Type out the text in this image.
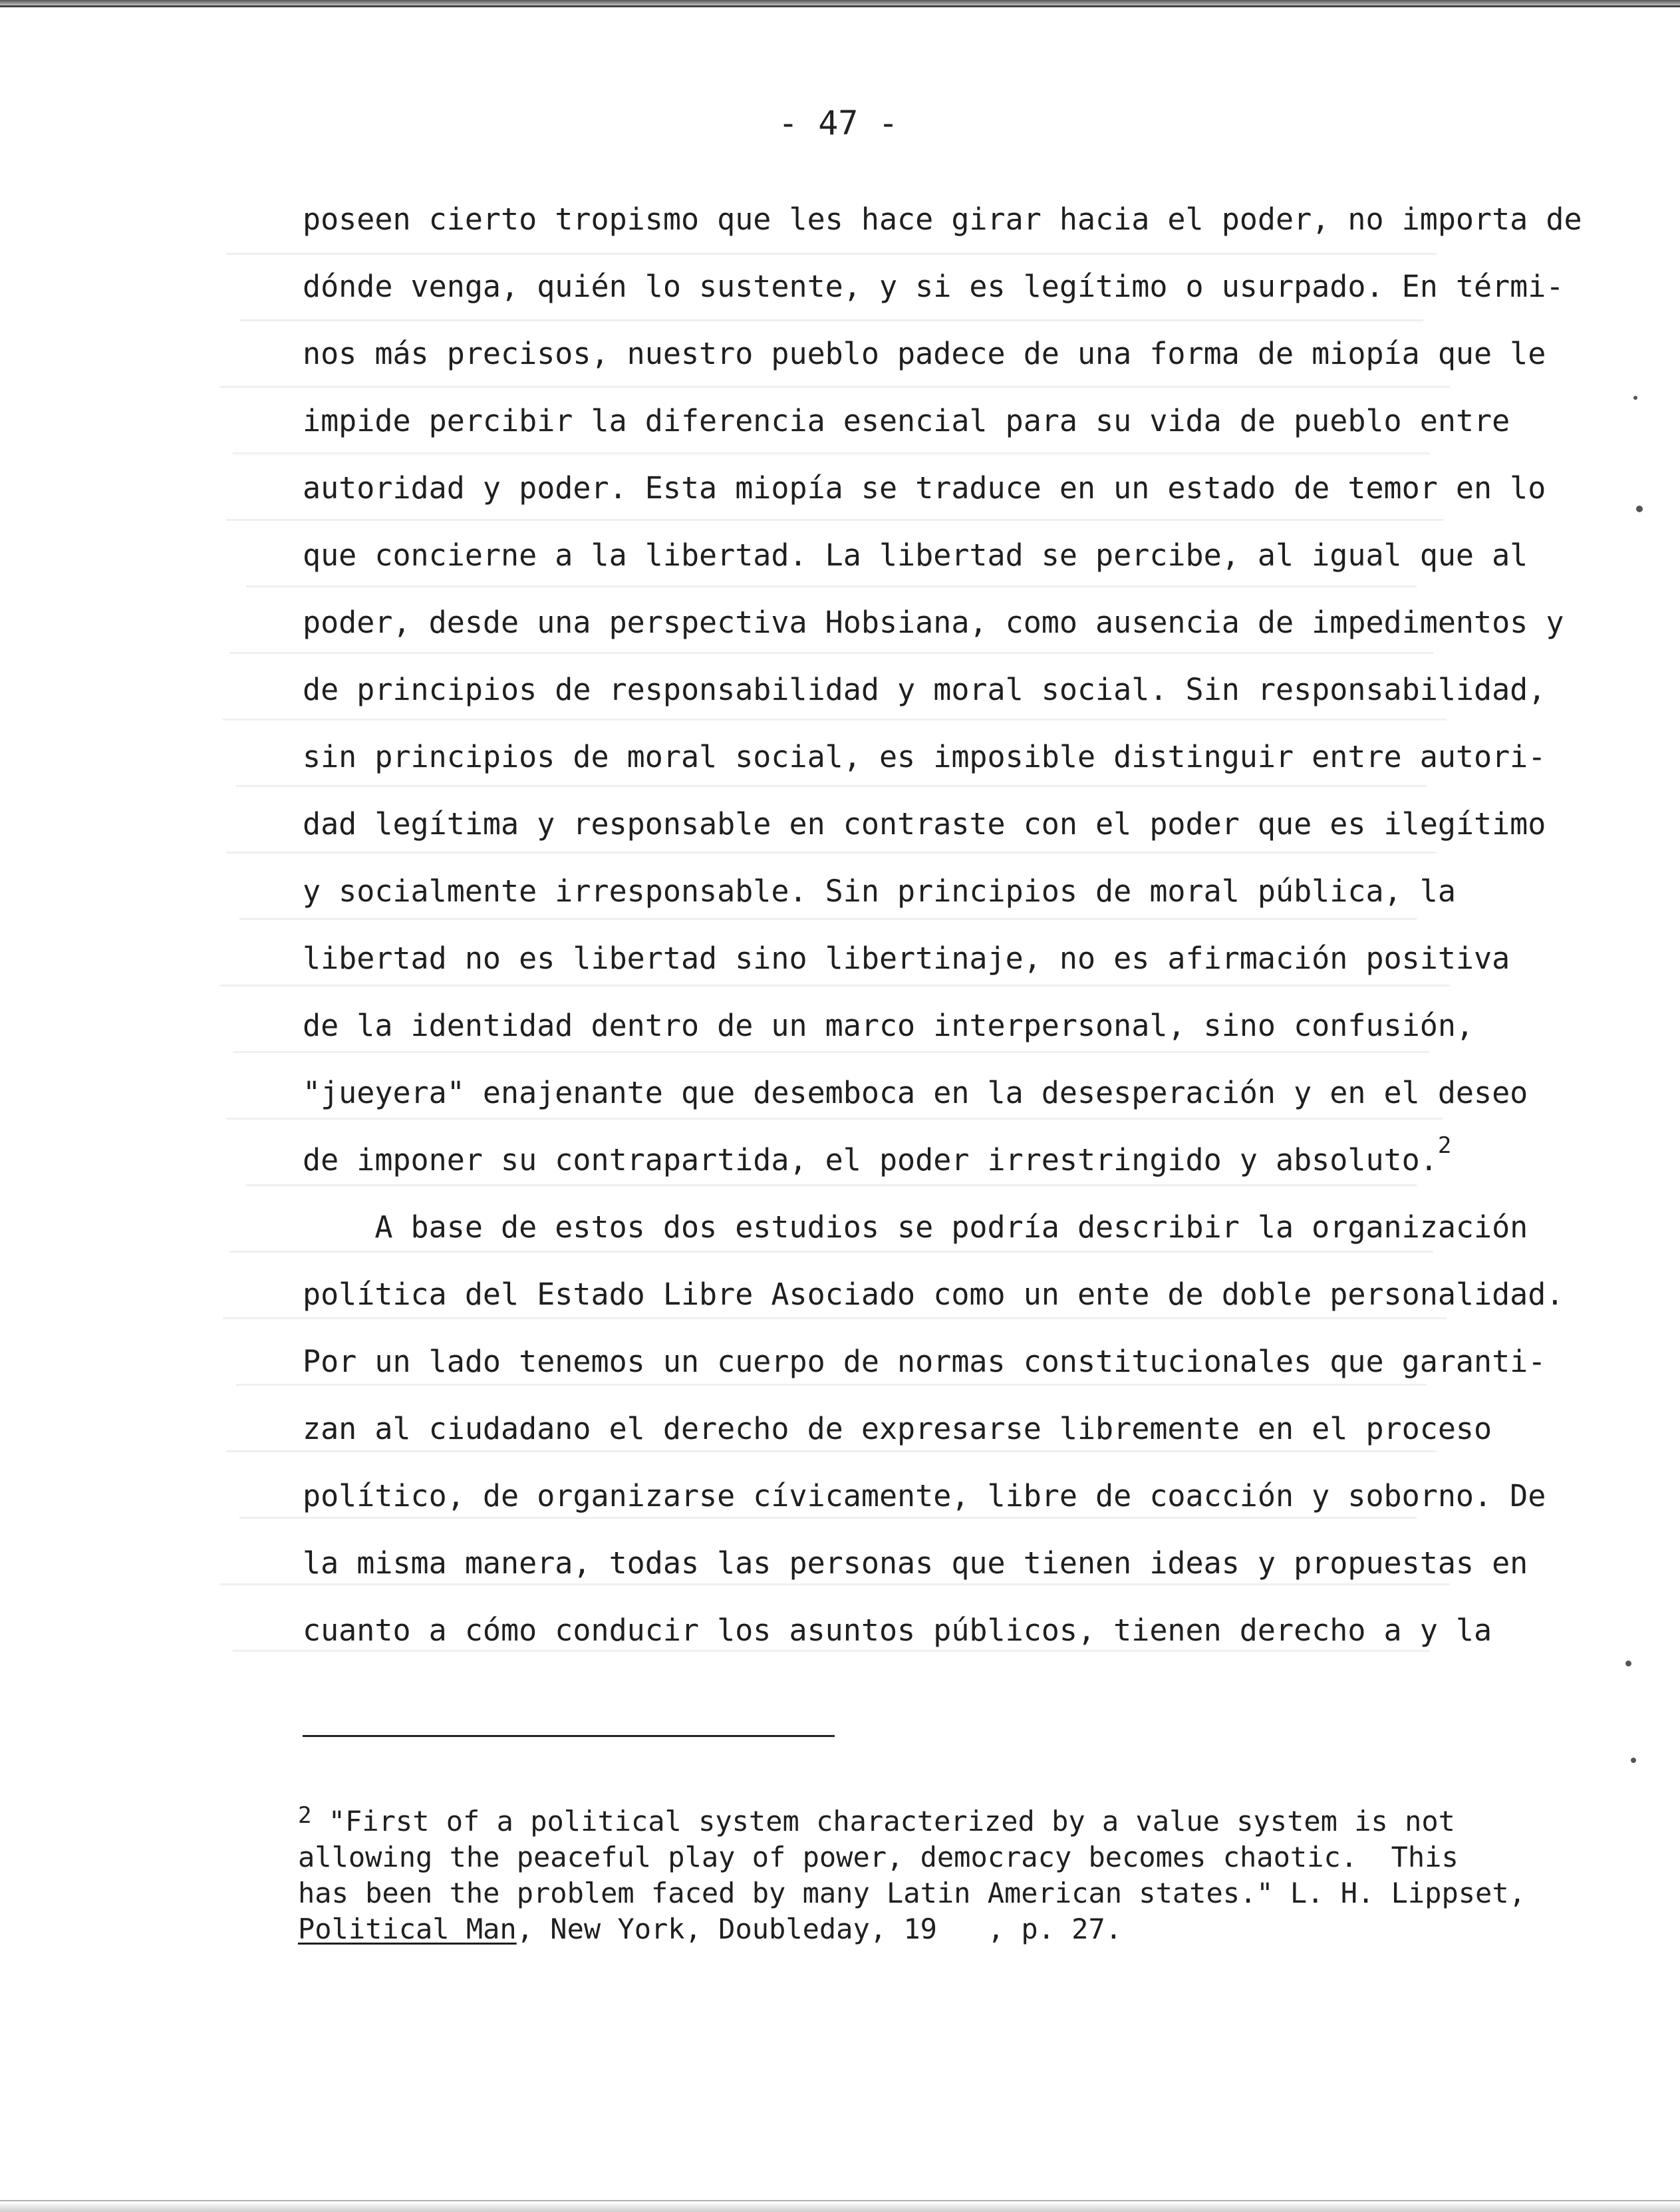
- 47 -
poseen cierto tropismo que les hace girar hacia el poder, no importa de
dónde venga, quién lo sustente, y si es legítimo o usurpado. En térmi-
nos más precisos, nuestro pueblo padece de una forma de miopía que le
impide percibir la diferencia esencial para su vida de pueblo entre
autoridad y poder. Esta miopía se traduce en un estado de temor en lo
que concierne a la libertad. La libertad se percibe, al igual que al
poder, desde una perspectiva Hobsiana, como ausencia de impedimentos y
de principios de responsabilidad y moral social. Sin responsabilidad,
sin principios de moral social, es imposible distinguir entre autori-
dad legítima y responsable en contraste con el poder que es ilegítimo
y socialmente irresponsable. Sin principios de moral pública, la
libertad no es libertad sino libertinaje, no es afirmación positiva
de la identidad dentro de un marco interpersonal, sino confusión,
"jueyera" enajenante que desemboca en la desesperación y en el deseo
de imponer su contrapartida, el poder irrestringido y absoluto.$^2$
A base de estos dos estudios se podría describir la organización
política del Estado Libre Asociado como un ente de doble personalidad.
Por un lado tenemos un cuerpo de normas constitucionales que garanti-
zan al ciudadano el derecho de expresarse libremente en el proceso
político, de organizarse cívicamente, libre de coacción y soborno. De
la misma manera, todas las personas que tienen ideas y propuestas en
cuanto a cómo conducir los asuntos públicos, tienen derecho a y la
$^2$ "First of a political system characterized by a value system is not
allowing the peaceful play of power, democracy becomes chaotic.  This
has been the problem faced by many Latin American states." L. H. Lippset,
Political Man, New York, Doubleday, 19   , p. 27.
